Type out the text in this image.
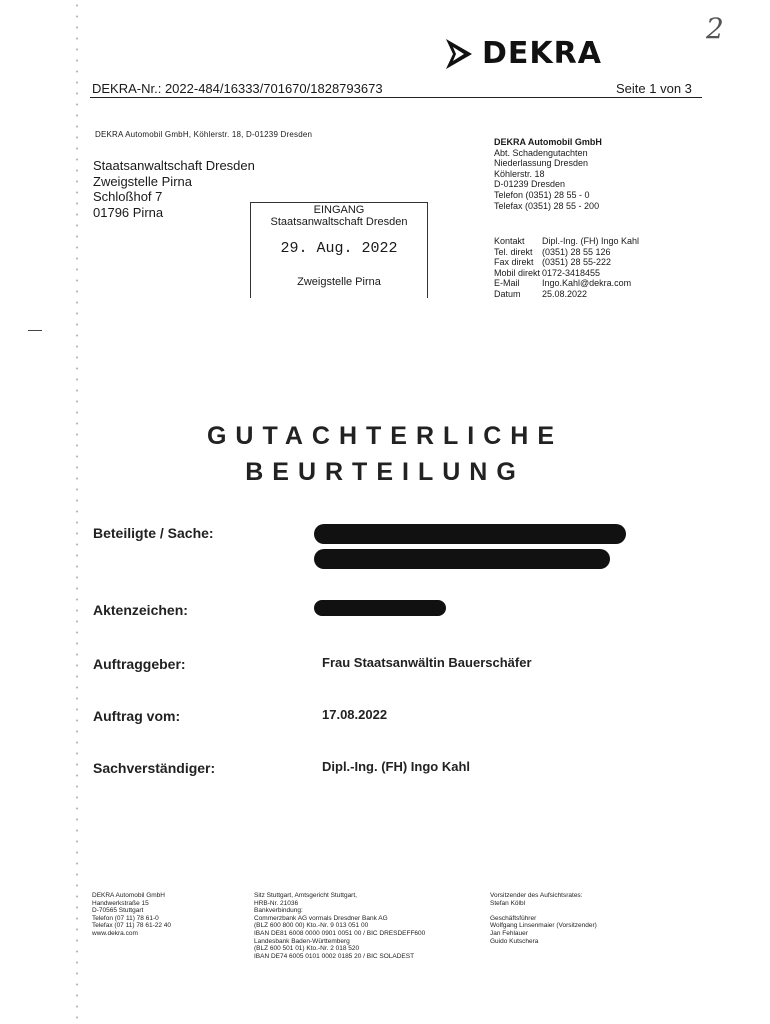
2
DEKRA
DEKRA-Nr.: 2022-484/16333/701670/1828793673	Seite 1 von 3
DEKRA Automobil GmbH, Köhlerstr. 18, D-01239 Dresden
Staatsanwaltschaft Dresden
Zweigstelle Pirna
Schloßhof 7
01796 Pirna	EINGANG
Staatsanwaltschaft Dresden
29. Aug. 2022
Zweigstelle Pirna
DEKRA Automobil GmbH
Abt. Schadengutachten
Niederlassung Dresden
Köhlerstr. 18
D-01239 Dresden
Telefon (0351) 28 55 - 0
Telefax (0351) 28 55 - 200
Kontakt	Dipl.-Ing. (FH) Ingo Kahl
Tel. direkt	(0351) 28 55 126
Fax direkt (0351) 28 55-222
Mobil direkt 0172-3418455
E-Mail	Ingo.Kahl@dekra.com
Datum	25.08.2022
GUTACHTERLICHE
BEURTEILUNG
Beteiligte / Sache:
Aktenzeichen:
Auftraggeber:	Frau Staatsanwältin Bauerschäfer
Auftrag vom:	17.08.2022
Sachverständiger:	Dipl.-Ing. (FH) Ingo Kahl
DEKRA Automobil GmbH
Handwerkstraße 15
D-70565 Stuttgart
Telefon (07 11) 78 61-0
Telefax (07 11) 78 61-22 40
www.dekra.com
Sitz Stuttgart, Amtsgericht Stuttgart,
HRB-Nr. 21036
Bankverbindung:
Commerzbank AG vormals Dresdner Bank AG
(BLZ 600 800 00) Kto.-Nr. 9 013 051 00
IBAN DE81 6008 0000 0901 0051 00 / BIC DRESDEFF600
Landesbank Baden-Württemberg
(BLZ 600 501 01) Kto.-Nr. 2 018 520
IBAN DE74 6005 0101 0002 0185 20 / BIC SOLADEST
Vorsitzender des Aufsichtsrates:
Stefan Kölbl
Geschäftsführer
Wolfgang Linsenmaier (Vorsitzender)
Jan Fehlauer
Guido Kutschera
